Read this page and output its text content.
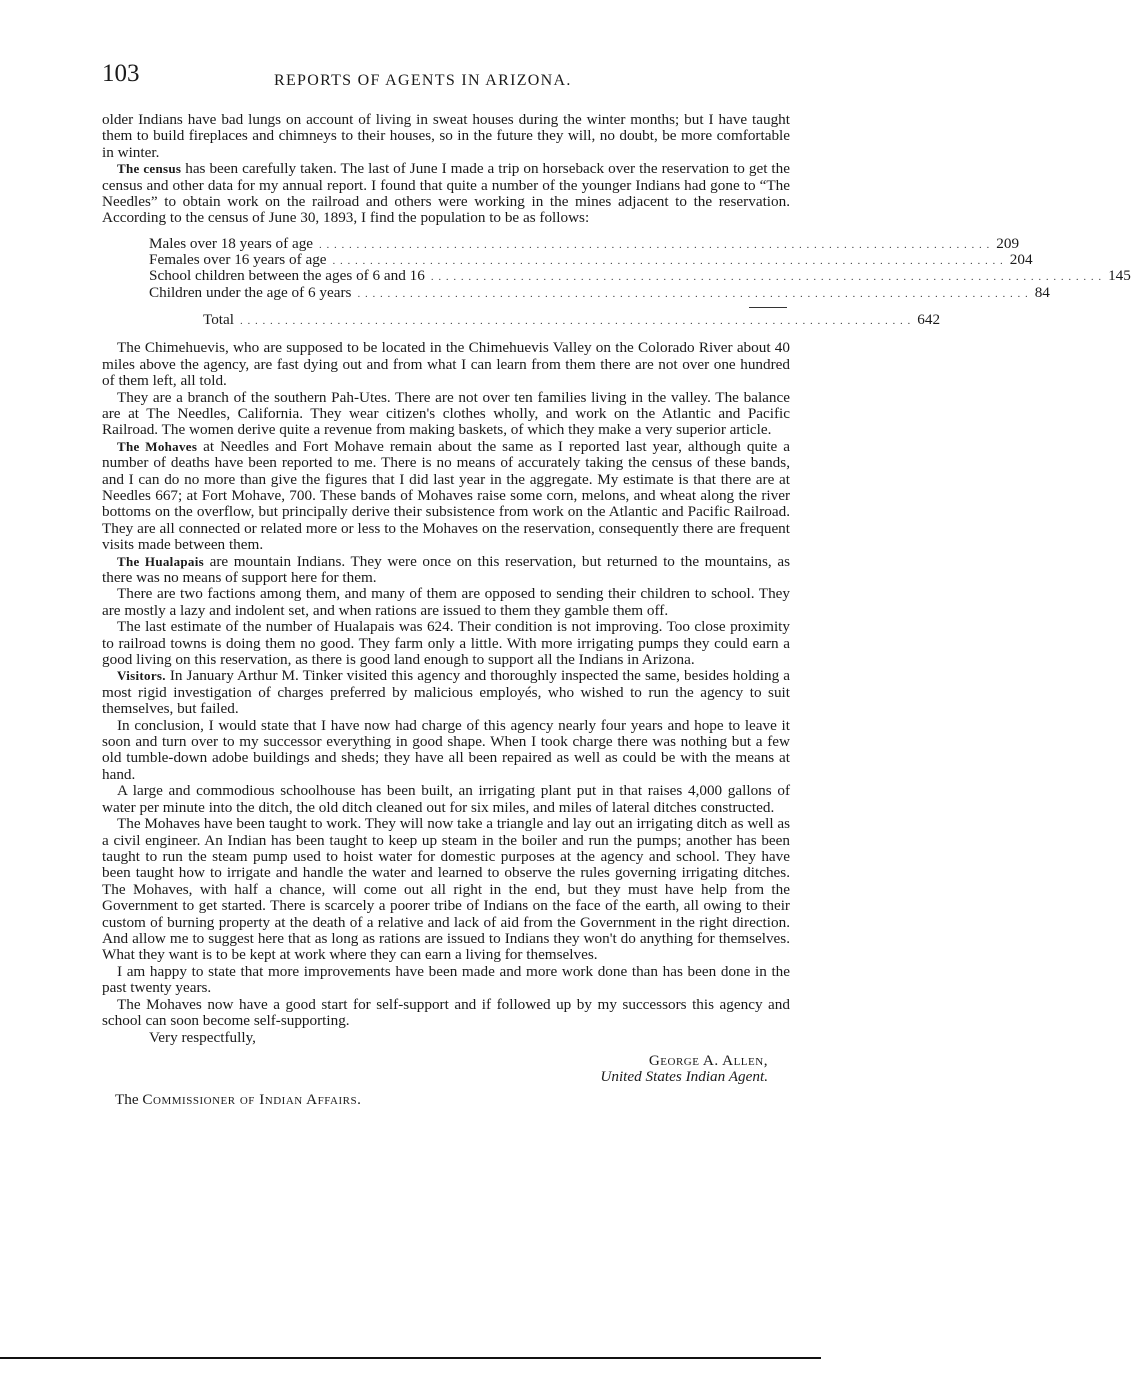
103	REPORTS OF AGENTS IN ARIZONA.

older Indians have bad lungs on account of living in sweat houses during the winter months; but I have taught them to build fireplaces and chimneys to their houses, so in the future they will, no doubt, be more comfortable in winter.

The census has been carefully taken. The last of June I made a trip on horseback over the reservation to get the census and other data for my annual report. I found that quite a number of the younger Indians had gone to “The Needles” to obtain work on the railroad and others were working in the mines adjacent to the reservation. According to the census of June 30, 1893, I find the population to be as follows:

Males over 18 years of age . . . . . . . . . . . . . . . . . . . . . . . . . . . . . . . . . . . . . . . . . . . . . . . . . . . . . . . . . . . . . . . . . . . . . . . . . . . . . . . . . . . . . . . . . . 209
Females over 16 years of age . . . . . . . . . . . . . . . . . . . . . . . . . . . . . . . . . . . . . . . . . . . . . . . . . . . . . . . . . . . . . . . . . . . . . . . . . . . . . . . . . . . . . . . . . . 204
School children between the ages of 6 and 16 . . . . . . . . . . . . . . . . . . . . . . . . . . . . . . . . . . . . . . . . . . . . . . . . . . . . . . . . . . . . . . . . . . . . . . . . . . . . . . . . . . . . . . . . . . 145
Children under the age of 6 years . . . . . . . . . . . . . . . . . . . . . . . . . . . . . . . . . . . . . . . . . . . . . . . . . . . . . . . . . . . . . . . . . . . . . . . . . . . . . . . . . . . . . . . . . . 84
Total . . . . . . . . . . . . . . . . . . . . . . . . . . . . . . . . . . . . . . . . . . . . . . . . . . . . . . . . . . . . . . . . . . . . . . . . . . . . . . . . . . . . . . . . . . 642

The Chimehuevis, who are supposed to be located in the Chimehuevis Valley on the Colorado River about 40 miles above the agency, are fast dying out and from what I can learn from them there are not over one hundred of them left, all told.

They are a branch of the southern Pah-Utes. There are not over ten families living in the valley. The balance are at The Needles, California. They wear citizen's clothes wholly, and work on the Atlantic and Pacific Railroad. The women derive quite a revenue from making baskets, of which they make a very superior article.

The Mohaves at Needles and Fort Mohave remain about the same as I reported last year, although quite a number of deaths have been reported to me. There is no means of accurately taking the census of these bands, and I can do no more than give the figures that I did last year in the aggregate. My estimate is that there are at Needles 667; at Fort Mohave, 700. These bands of Mohaves raise some corn, melons, and wheat along the river bottoms on the overflow, but principally derive their subsistence from work on the Atlantic and Pacific Railroad. They are all connected or related more or less to the Mohaves on the reservation, consequently there are frequent visits made between them.

The Hualapais are mountain Indians. They were once on this reservation, but returned to the mountains, as there was no means of support here for them.

There are two factions among them, and many of them are opposed to sending their children to school. They are mostly a lazy and indolent set, and when rations are issued to them they gamble them off.

The last estimate of the number of Hualapais was 624. Their condition is not improving. Too close proximity to railroad towns is doing them no good. They farm only a little. With more irrigating pumps they could earn a good living on this reservation, as there is good land enough to support all the Indians in Arizona.

Visitors. In January Arthur M. Tinker visited this agency and thoroughly inspected the same, besides holding a most rigid investigation of charges preferred by malicious employés, who wished to run the agency to suit themselves, but failed.

In conclusion, I would state that I have now had charge of this agency nearly four years and hope to leave it soon and turn over to my successor everything in good shape. When I took charge there was nothing but a few old tumble-down adobe buildings and sheds; they have all been repaired as well as could be with the means at hand.

A large and commodious schoolhouse has been built, an irrigating plant put in that raises 4,000 gallons of water per minute into the ditch, the old ditch cleaned out for six miles, and miles of lateral ditches constructed.

The Mohaves have been taught to work. They will now take a triangle and lay out an irrigating ditch as well as a civil engineer. An Indian has been taught to keep up steam in the boiler and run the pumps; another has been taught to run the steam pump used to hoist water for domestic purposes at the agency and school. They have been taught how to irrigate and handle the water and learned to observe the rules governing irrigating ditches. The Mohaves, with half a chance, will come out all right in the end, but they must have help from the Government to get started. There is scarcely a poorer tribe of Indians on the face of the earth, all owing to their custom of burning property at the death of a relative and lack of aid from the Government in the right direction. And allow me to suggest here that as long as rations are issued to Indians they won't do anything for themselves. What they want is to be kept at work where they can earn a living for themselves.

I am happy to state that more improvements have been made and more work done than has been done in the past twenty years.

The Mohaves now have a good start for self-support and if followed up by my successors this agency and school can soon become self-supporting.

Very respectfully,
George A. Allen,
United States Indian Agent.
The Commissioner of Indian Affairs.
